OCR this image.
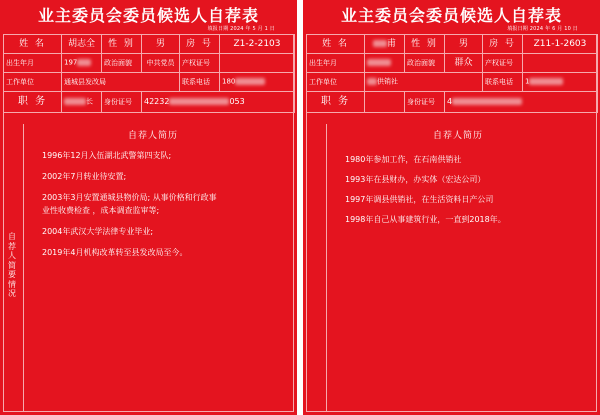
业主委员会委员候选人自荐表
填报日期 2024 年 5 月 1 日
姓 名	胡志全	性 别	男	房 号	Z1-2-2103
出生年月	197	政治面貌	中共党员	产权证号	
工作单位	通城县发改局			联系电话	180
职 务	长	身份证号	42232 053		
自荐人简要情况
自荐人简历
1996年12月入伍湖北武警第四支队;
2002年7月转业待安置;
2003年3月安置通城县物价局; 从事价格和行政事
业性收费检查 ，成本调查监审等;
2004年武汉大学法律专业毕业;
2019年4月机构改革转至县发改局至今。
业主委员会委员候选人自荐表
填报日期 2024 年 6 月 10 日
姓 名	甫	性 别	男	房 号	Z11-1-2603
出生年月		政治面貌	群众	产权证号	
工作单位	供销社			联系电话	1
职 务		身份证号	4		
自荐人简历
1980年参加工作，在石南供销社
1993年在县财办，办实体（宏达公司）
1997年调县供销社，在生活资料日产公司
1998年自己从事建筑行业，一直到2018年。
